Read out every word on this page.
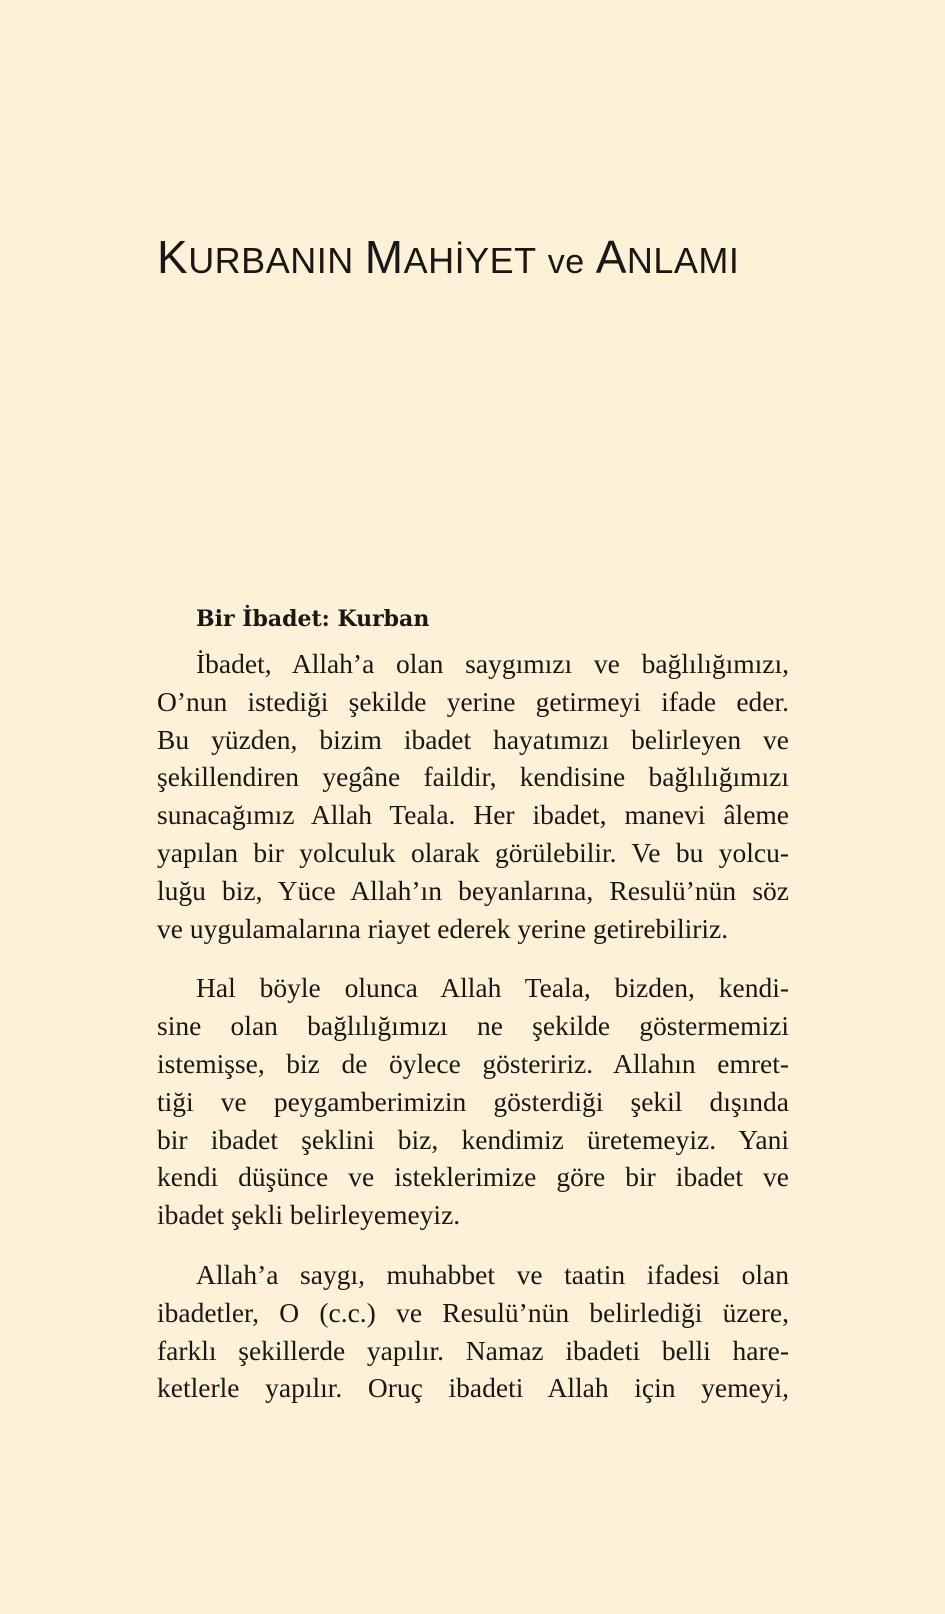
KURBANIN MAHİYET ve ANLAMI
Bir İbadet: Kurban

İbadet, Allah’a olan saygımızı ve bağlılığımızı,
O’nun istediği şekilde yerine getirmeyi ifade eder.
Bu yüzden, bizim ibadet hayatımızı belirleyen ve
şekillendiren yegâne faildir, kendisine bağlılığımızı
sunacağımız Allah Teala. Her ibadet, manevi âleme
yapılan bir yolculuk olarak görülebilir. Ve bu yolcu-
luğu biz, Yüce Allah’ın beyanlarına, Resulü’nün söz
ve uygulamalarına riayet ederek yerine getirebiliriz.

Hal böyle olunca Allah Teala, bizden, kendi-
sine olan bağlılığımızı ne şekilde göstermemizi
istemişse, biz de öylece gösteririz. Allahın emret-
tiği ve peygamberimizin gösterdiği şekil dışında
bir ibadet şeklini biz, kendimiz üretemeyiz. Yani
kendi düşünce ve isteklerimize göre bir ibadet ve
ibadet şekli belirleyemeyiz.

Allah’a saygı, muhabbet ve taatin ifadesi olan
ibadetler, O (c.c.) ve Resulü’nün belirlediği üzere,
farklı şekillerde yapılır. Namaz ibadeti belli hare-
ketlerle yapılır. Oruç ibadeti Allah için yemeyi,
